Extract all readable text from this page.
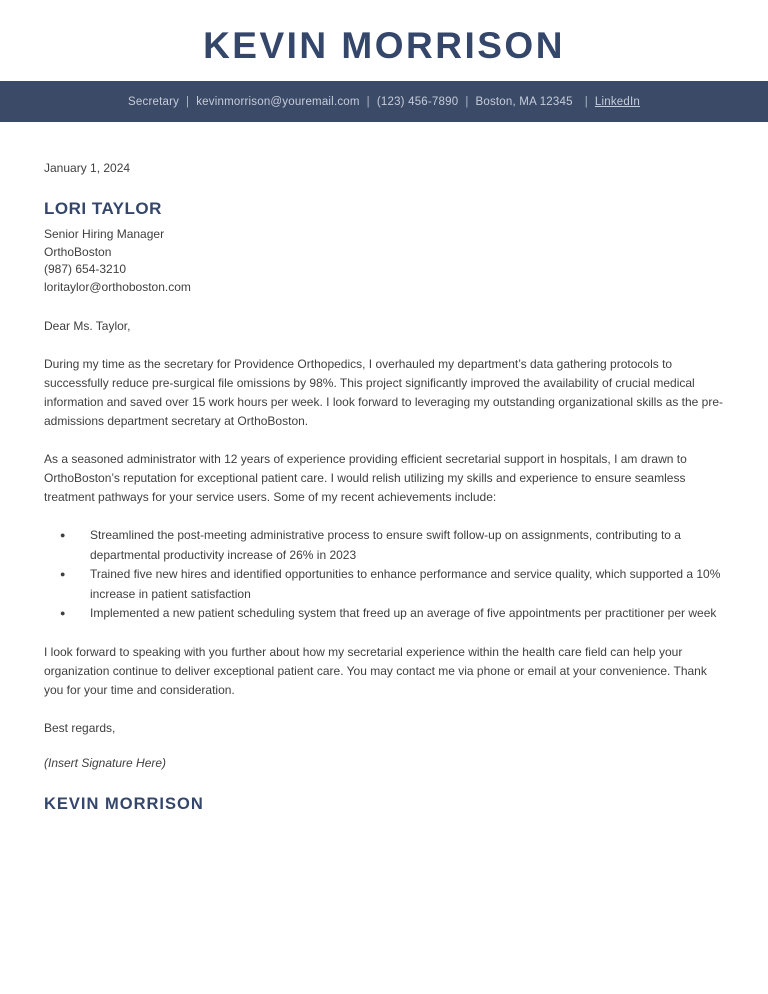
KEVIN MORRISON
Secretary | kevinmorrison@youremail.com | (123) 456-7890 | Boston, MA 12345 | LinkedIn

January 1, 2024

LORI TAYLOR

Senior Hiring Manager

OrthoBoston

(987) 654-3210

loritaylor@orthoboston.com

Dear Ms. Taylor,

During my time as the secretary for Providence Orthopedics, I overhauled my department’s data gathering protocols to successfully reduce pre-surgical file omissions by 98%. This project significantly improved the availability of crucial medical information and saved over 15 work hours per week. I look forward to leveraging my outstanding organizational skills as the pre-admissions department secretary at OrthoBoston.

As a seasoned administrator with 12 years of experience providing efficient secretarial support in hospitals, I am drawn to OrthoBoston’s reputation for exceptional patient care. I would relish utilizing my skills and experience to ensure seamless treatment pathways for your service users. Some of my recent achievements include:

●	Streamlined the post-meeting administrative process to ensure swift follow-up on assignments, contributing to a departmental productivity increase of 26% in 2023
●	Trained five new hires and identified opportunities to enhance performance and service quality, which supported a 10% increase in patient satisfaction
●	Implemented a new patient scheduling system that freed up an average of five appointments per practitioner per week

I look forward to speaking with you further about how my secretarial experience within the health care field can help your organization continue to deliver exceptional patient care. You may contact me via phone or email at your convenience. Thank you for your time and consideration.

Best regards,

(Insert Signature Here)

KEVIN MORRISON
